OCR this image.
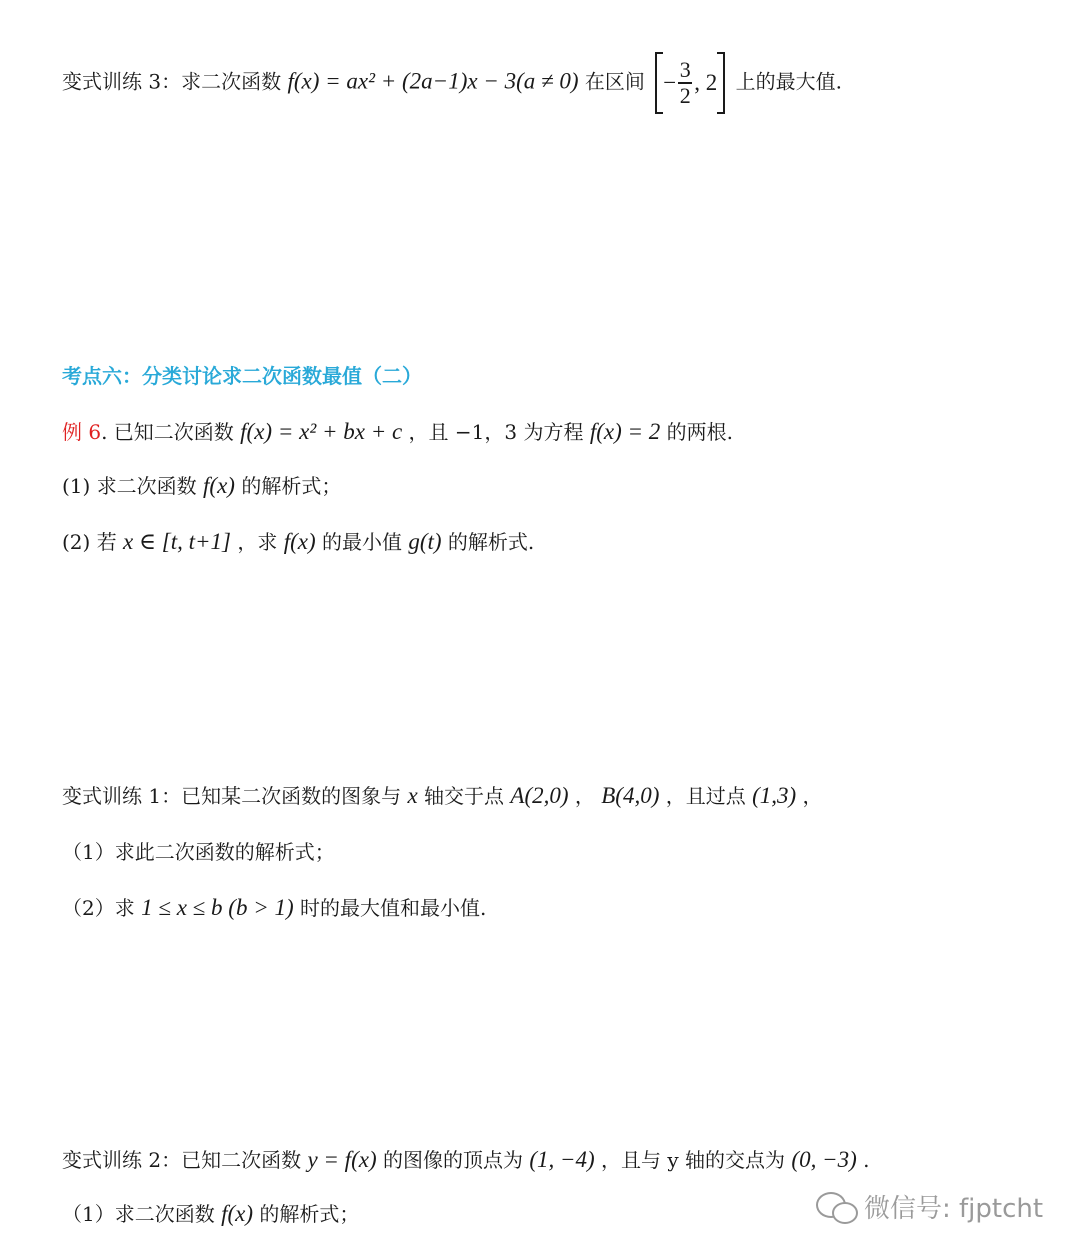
变式训练 3：求二次函数 f(x) = ax² + (2a−1)x − 3(a ≠ 0) 在区间 − $\frac{3}{2}$ , 2 上的最大值.
考点六：分类讨论求二次函数最值（二）
例 6. 已知二次函数 f(x) = x² + bx + c ，且 −1，3 为方程 f(x) = 2 的两根.
(1) 求二次函数 f(x) 的解析式；
(2) 若 x ∈ [t, t+1] ，求 f(x) 的最小值 g(t) 的解析式.
变式训练 1：已知某二次函数的图象与 x 轴交于点 A(2,0) ， B(4,0) ，且过点 (1,3) ，
（1）求此二次函数的解析式；
（2）求 1 ≤ x ≤ b (b > 1) 时的最大值和最小值.
变式训练 2：已知二次函数 y = f(x) 的图像的顶点为 (1, −4) ，且与 y 轴的交点为 (0, −3) .
（1）求二次函数 f(x) 的解析式；	微信号: fjptcht
